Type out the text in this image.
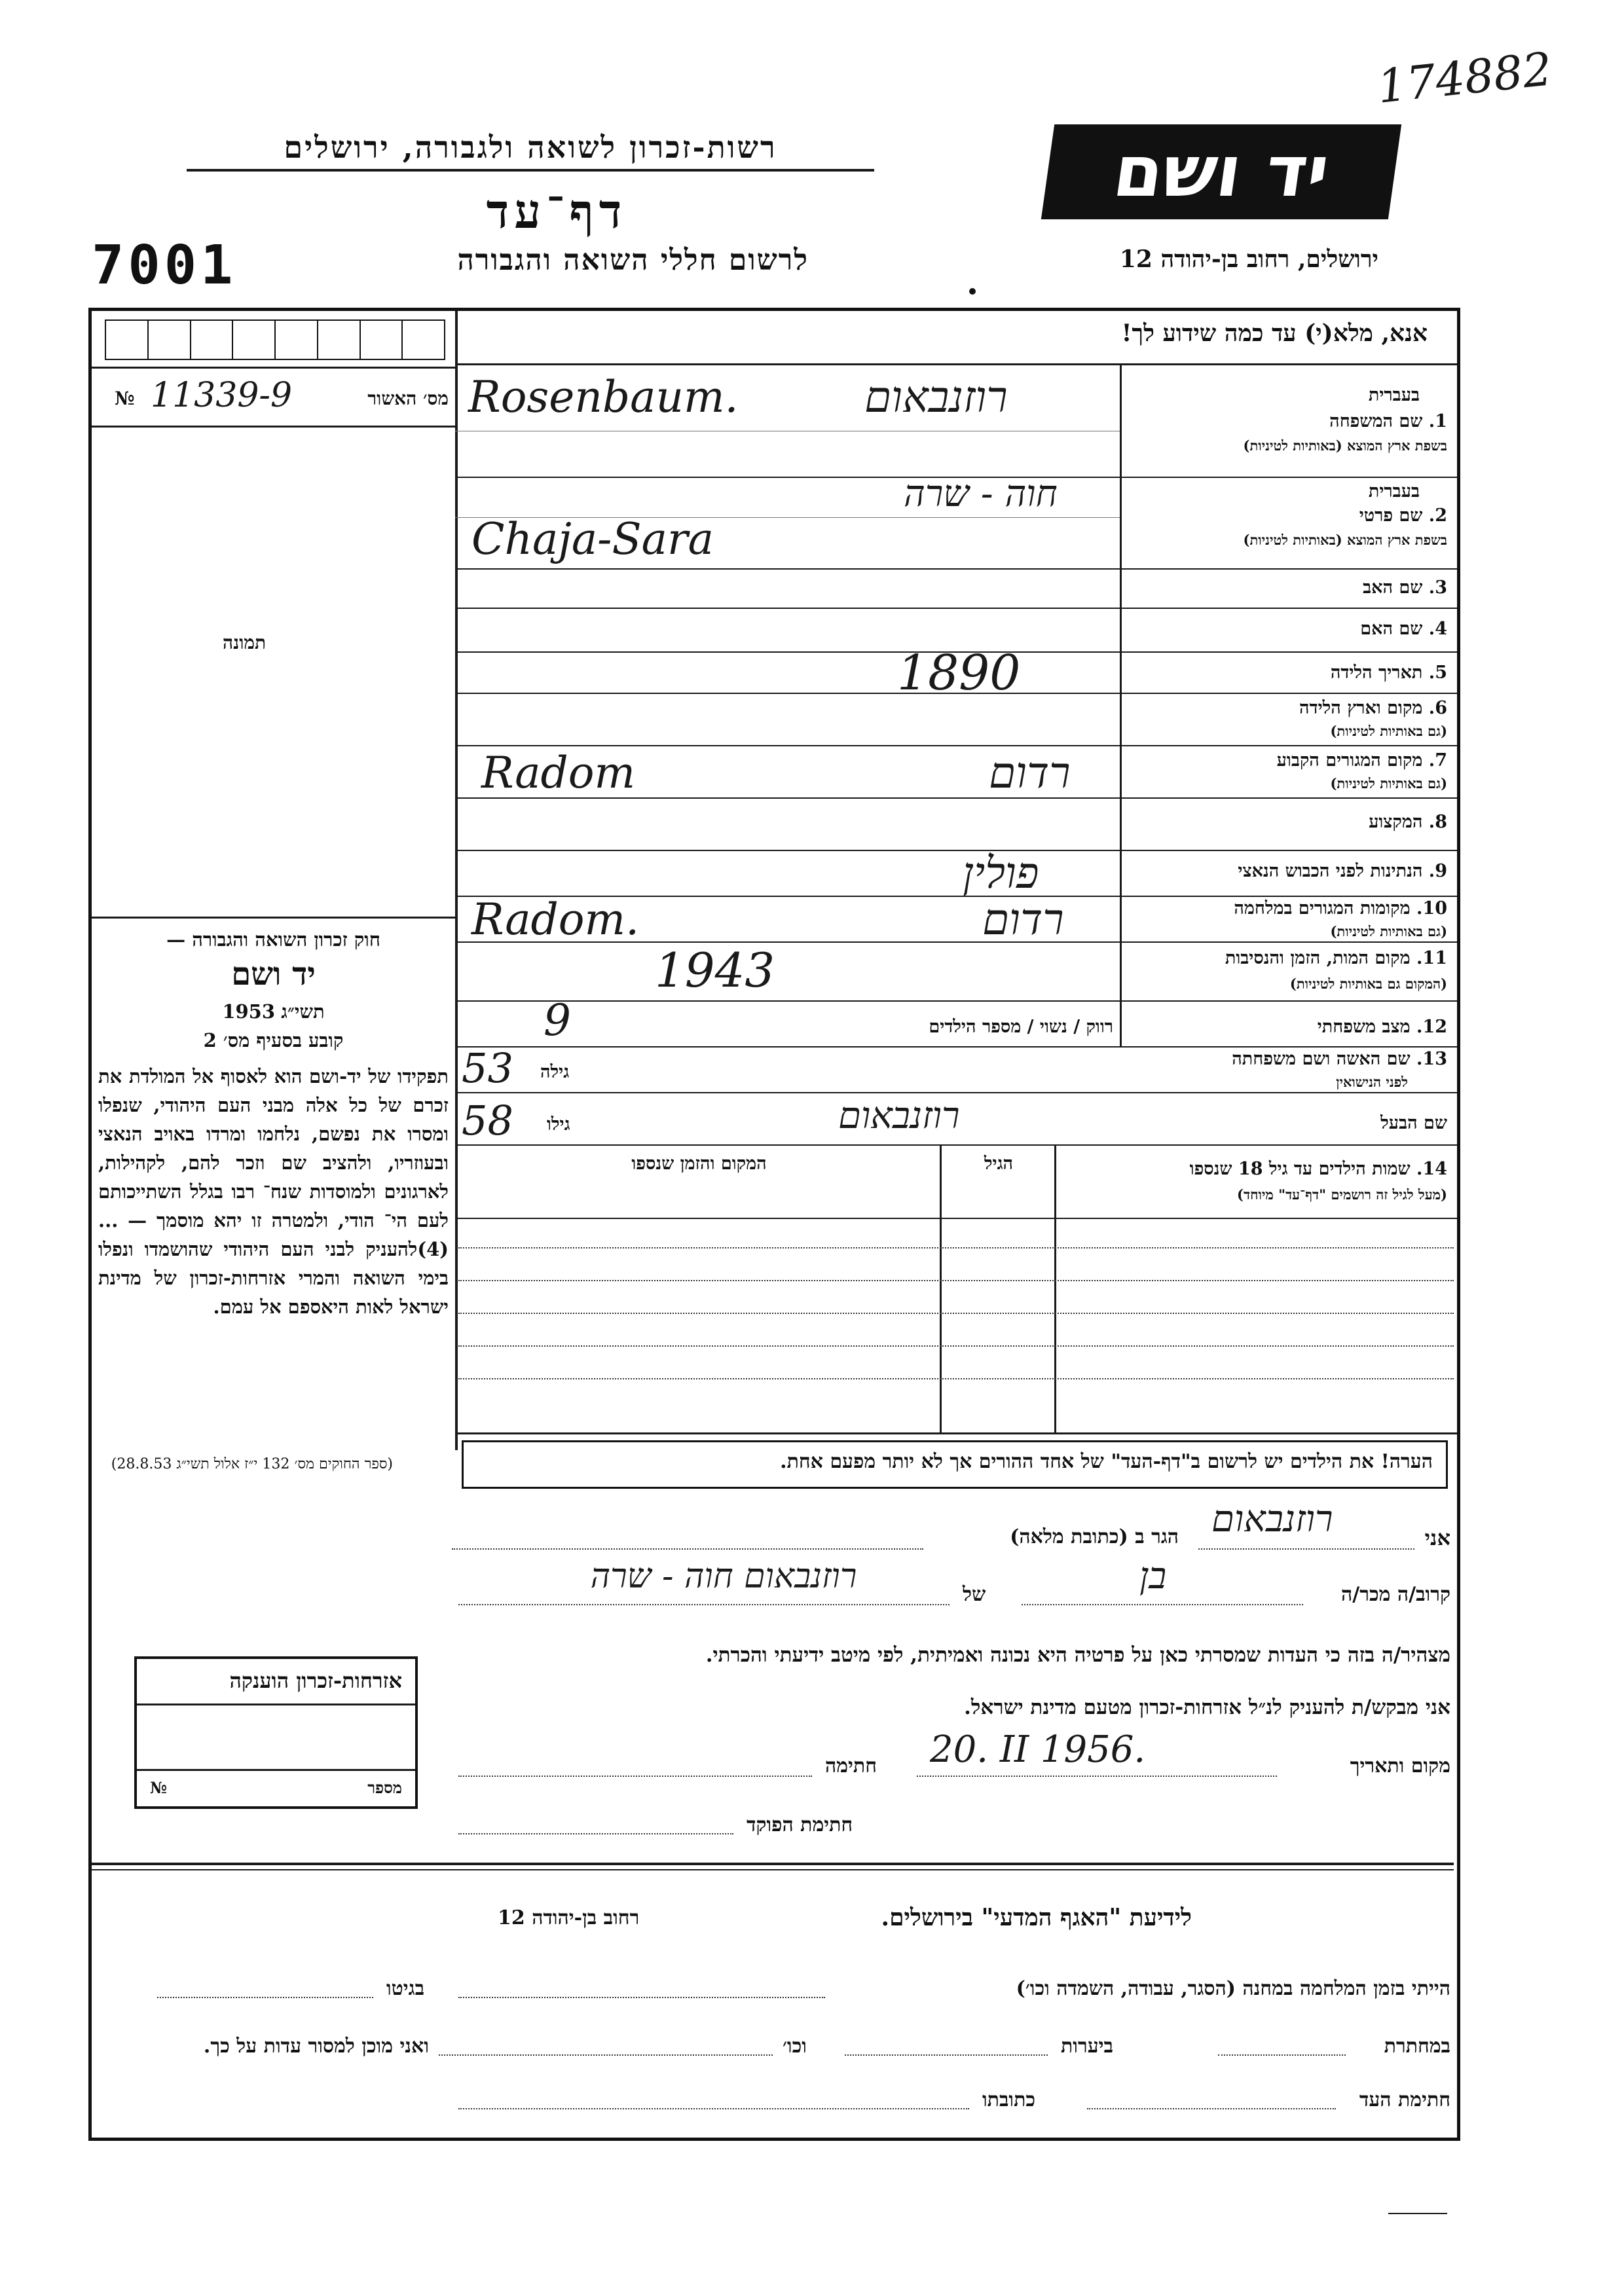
174882
רשות-זכרון לשואה ולגבורה, ירושלים
דף־עד
7001	לרשום חללי השואה והגבורה
יד ושם
ירושלים, רחוב בן-יהודה 12
אנא, מלא(י) עד כמה שידוע לך!
№ 11339-9	מס׳ האשור
תמונה
חוק זכרון השואה והגבורה —
יד ושם
1953 תשי״ג
קובע בסעיף מס׳ 2
תפקידו של יד-ושם הוא לאסוף אל המולדת את זכרם של כל אלה מבני העם היהודי, שנפלו ומסרו את נפשם, נלחמו ומרדו באויב הנאצי ובעוזריו, ולהציב שם וזכר להם, לקהילות, לארגונים ולמוסדות שנח־ רבו בגלל השתייכותם לעם הי־ הודי, ולמטרה זו יהא מוסמך — ...(4)להעניק לבני העם היהודי שהושמדו ונפלו בימי השואה והמרי אזרחות-זכרון של מדינת ישראל לאות היאספם אל עמם.
(ספר החוקים מס׳ 132 י״ז אלול תשי״ג 28.8.53)
אזרחות-זכרון הוענקה
№	מספר
בעברית
1. שם המשפחה
בשפת ארץ המוצא (באותיות לטיניות)
Rosenbaum.	רוזנבאום
בעברית
2. שם פרטי
בשפת ארץ המוצא (באותיות לטיניות)
חוה - שרה
Chaja-Sara
3. שם האב
4. שם האם
5. תאריך הלידה
1890
6. מקום וארץ הלידה
(גם באותיות לטיניות)
7. מקום המגורים הקבוע
(גם באותיות לטיניות)
Radom	רדום
8. המקצוע
9. הנתינות לפני הכבוש הנאצי
פולין
10. מקומות המגורים במלחמה
(גם באותיות לטיניות)
Radom.	רדום
11. מקום המות, הזמן והנסיבות
(המקום גם באותיות לטיניות)
1943
12. מצב משפחתי
רווק / נשוי / מספר הילדים
9
13. שם האשה ושם משפחתה
לפני הנישואין
53 גילה
שם הבעל
58 גילו	רוזנבאום
14. שמות הילדים עד גיל 18 שנספו
(מעל לגיל זה רושמים "דף־עד" מיוחד)
הגיל
המקום והזמן שנספו
הערה! את הילדים יש לרשום ב"דף-העד" של אחד ההורים אך לא יותר מפעם אחת.
אני
רוזנבאום
הגר ב (כתובת מלאה)
קרוב/ה מכר/ה
בן
של
רוזנבאום חוה - שרה
מצהיר/ה בזה כי העדות שמסרתי כאן על פרטיה היא נכונה ואמיתית, לפי מיטב ידיעתי והכרתי.
אני מבקש/ת להעניק לנ״ל אזרחות-זכרון מטעם מדינת ישראל.
מקום ותאריך
20. II 1956.
חתימה
חתימת הפוקד
רחוב בן-יהודה 12	לידיעת "האגף המדעי" בירושלים.
הייתי בזמן המלחמה במחנה (הסגר, עבודה, השמדה וכו׳)
בגיטו
במחתרת
ביערות
וכו׳
ואני מוכן למסור עדות על כך.
חתימת העד
כתובתו
